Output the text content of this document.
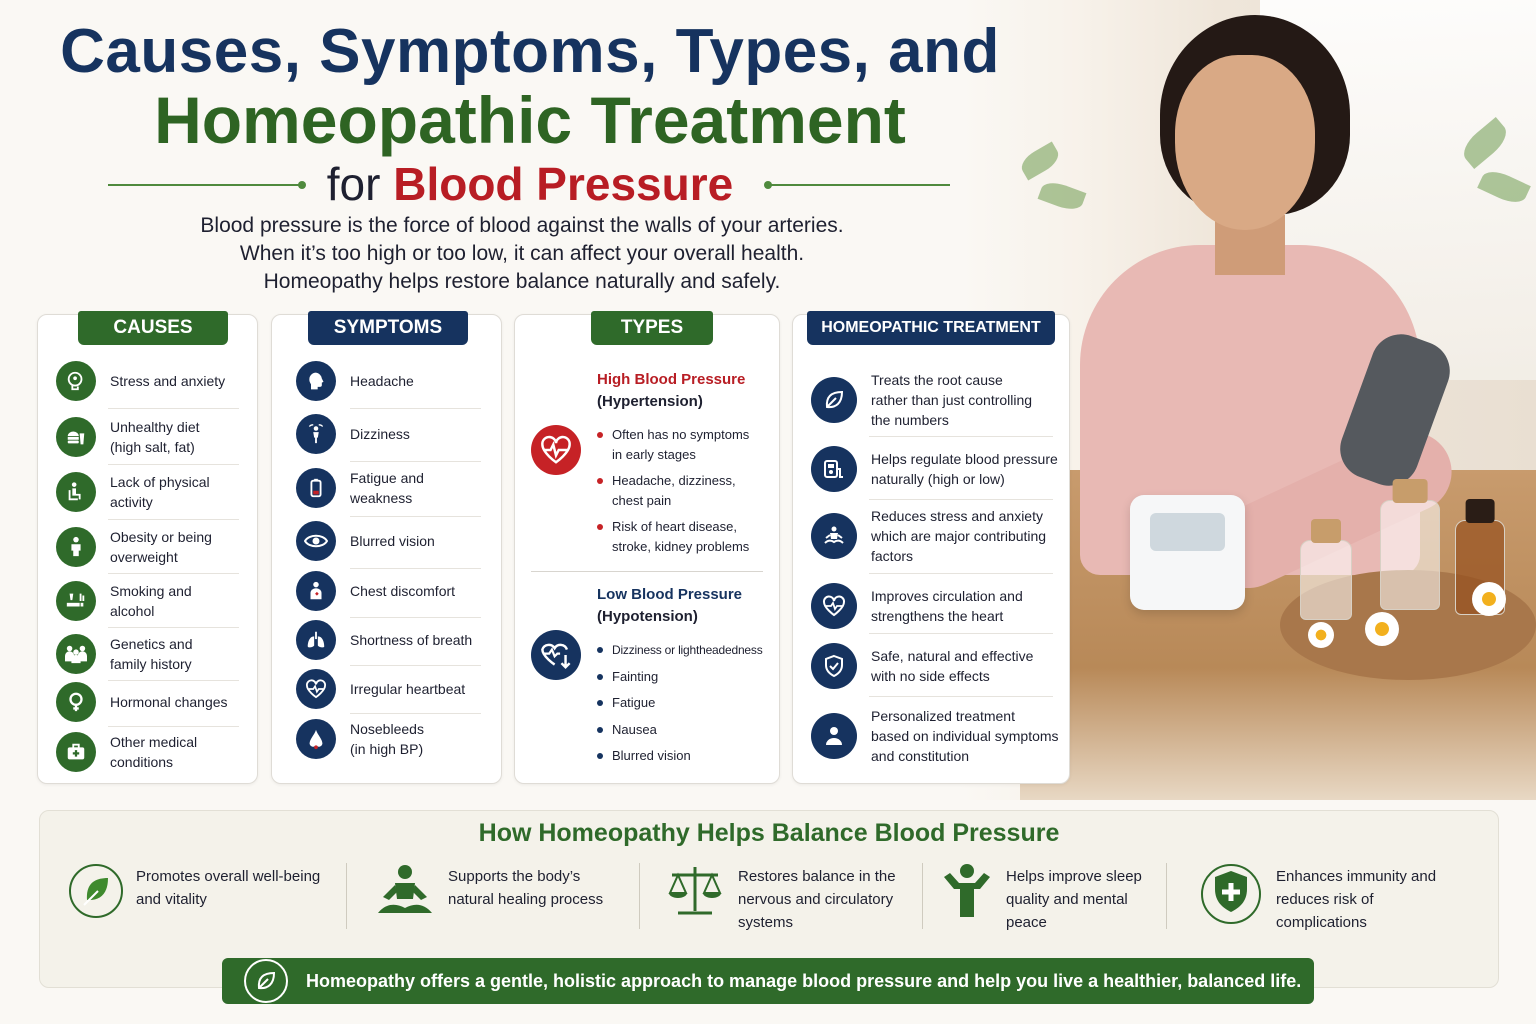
Causes, Symptoms, Types, and
Homeopathic Treatment
for Blood Pressure
Blood pressure is the force of blood against the walls of your arteries.
When it’s too high or too low, it can affect your overall health.
Homeopathy helps restore balance naturally and safely.
CAUSES
Stress and anxiety
Unhealthy diet
(high salt, fat)
Lack of physical
activity
Obesity or being
overweight
Smoking and
alcohol
Genetics and
family history
Hormonal changes
Other medical
conditions
SYMPTOMS
Headache
Dizziness
Fatigue and
weakness
Blurred vision
Chest discomfort
Shortness of breath
Irregular heartbeat
Nosebleeds
(in high BP)
TYPES
High Blood Pressure
(Hypertension)
Often has no symptoms
in early stages
Headache, dizziness,
chest pain
Risk of heart disease,
stroke, kidney problems
Low Blood Pressure
(Hypotension)
Dizziness or lightheadedness
Fainting
Fatigue
Nausea
Blurred vision
HOMEOPATHIC TREATMENT
Treats the root cause
rather than just controlling
the numbers
Helps regulate blood pressure
naturally (high or low)
Reduces stress and anxiety
which are major contributing
factors
Improves circulation and
strengthens the heart
Safe, natural and effective
with no side effects
Personalized treatment
based on individual symptoms
and constitution
How Homeopathy Helps Balance Blood Pressure
Promotes overall well-being
and vitality
Supports the body’s
natural healing process
Restores balance in the
nervous and circulatory
systems
Helps improve sleep
quality and mental
peace
Enhances immunity and
reduces risk of
complications
Homeopathy offers a gentle, holistic approach to manage blood pressure and help you live a healthier, balanced life.
